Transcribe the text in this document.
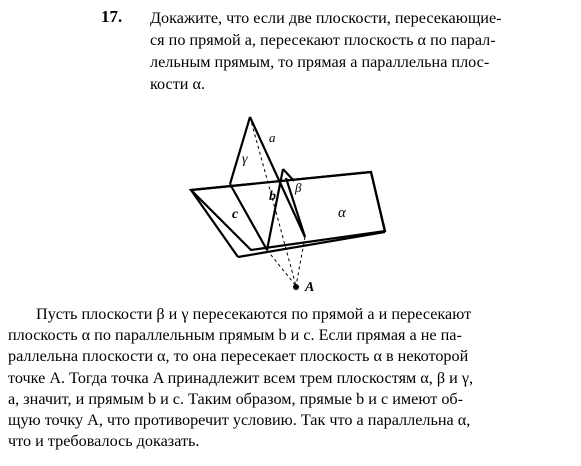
17. Докажите, что если две плоскости, пересекающие-
ся по прямой a, пересекают плоскость α по парал-
лельным прямым, то прямая a параллельна плос-
кости α.

a
γ
β
b
c	α
A
Пусть плоскости β и γ пересекаются по прямой a и пересекают
плоскость α по параллельным прямым b и c. Если прямая a не па-
раллельна плоскости α, то она пересекает плоскость α в некоторой
точке A. Тогда точка A принадлежит всем трем плоскостям α, β и γ,
a, значит, и прямым b и c. Таким образом, прямые b и c имеют об-
щую точку A, что противоречит условию. Так что a параллельна α,
что и требовалось доказать.
